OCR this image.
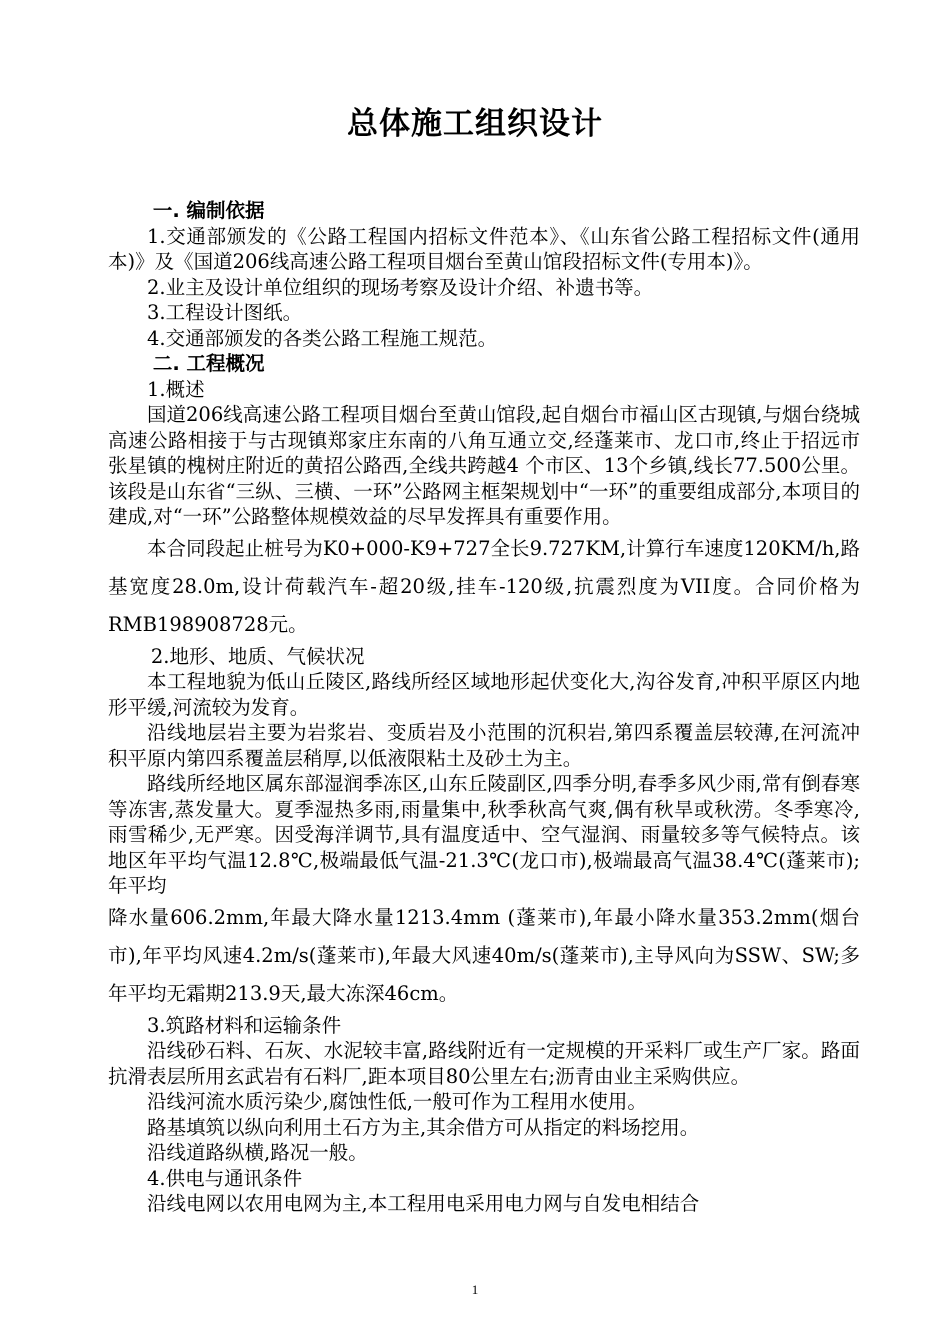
总体施工组织设计

一. 编制依据

1.交通部颁发的《公路工程国内招标文件范本》、《山东省公路工程招标文件(通用本)》及《国道206线高速公路工程项目烟台至黄山馆段招标文件(专用本)》。

2.业主及设计单位组织的现场考察及设计介绍、补遗书等。

3.工程设计图纸。

4.交通部颁发的各类公路工程施工规范。

二. 工程概况

1.概述

国道206线高速公路工程项目烟台至黄山馆段,起自烟台市福山区古现镇,与烟台绕城高速公路相接于与古现镇郑家庄东南的八角互通立交,经蓬莱市、龙口市,终止于招远市张星镇的槐树庄附近的黄招公路西,全线共跨越4 个市区、13个乡镇,线长77.500公里。该段是山东省“三纵、三横、一环”公路网主框架规划中“一环”的重要组成部分,本项目的建成,对“一环”公路整体规模效益的尽早发挥具有重要作用。

本合同段起止桩号为K0+000-K9+727全长9.727KM,计算行车速度120KM/h,路基宽度28.0m,设计荷载汽车-超20级,挂车-120级,抗震烈度为VII度。合同价格为RMB198908728元。

2.地形、地质、气候状况

本工程地貌为低山丘陵区,路线所经区域地形起伏变化大,沟谷发育,冲积平原区内地形平缓,河流较为发育。

沿线地层岩主要为岩浆岩、变质岩及小范围的沉积岩,第四系覆盖层较薄,在河流冲积平原内第四系覆盖层稍厚,以低液限粘土及砂土为主。

路线所经地区属东部湿润季冻区,山东丘陵副区,四季分明,春季多风少雨,常有倒春寒等冻害,蒸发量大。夏季湿热多雨,雨量集中,秋季秋高气爽,偶有秋旱或秋涝。冬季寒冷,雨雪稀少,无严寒。因受海洋调节,具有温度适中、空气湿润、雨量较多等气候特点。该地区年平均气温12.8℃,极端最低气温-21.3℃(龙口市),极端最高气温38.4℃(蓬莱市);年平均

降水量606.2mm,年最大降水量1213.4mm (蓬莱市),年最小降水量353.2mm(烟台市),年平均风速4.2m/s(蓬莱市),年最大风速40m/s(蓬莱市),主导风向为SSW、SW;多年平均无霜期213.9天,最大冻深46cm。

3.筑路材料和运输条件

沿线砂石料、石灰、水泥较丰富,路线附近有一定规模的开采料厂或生产厂家。路面抗滑表层所用玄武岩有石料厂,距本项目80公里左右;沥青由业主采购供应。

沿线河流水质污染少,腐蚀性低,一般可作为工程用水使用。

路基填筑以纵向利用土石方为主,其余借方可从指定的料场挖用。

沿线道路纵横,路况一般。

4.供电与通讯条件

沿线电网以农用电网为主,本工程用电采用电力网与自发电相结合

1
